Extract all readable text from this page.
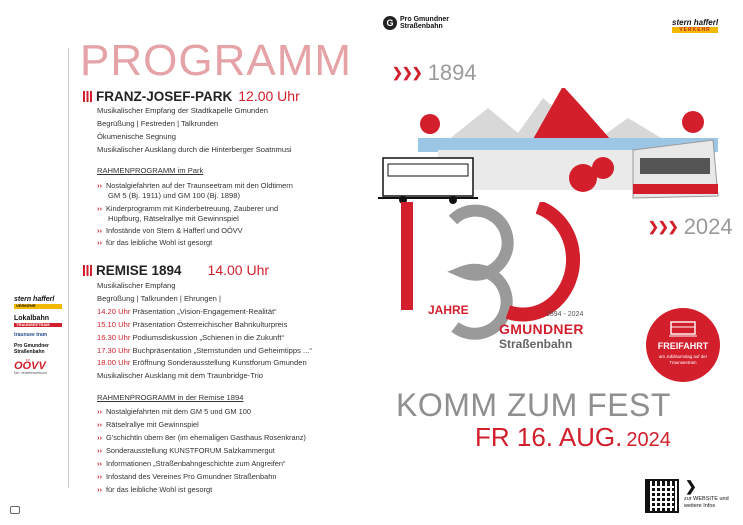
PROGRAMM
FRANZ-JOSEF-PARK 12.00 Uhr
Musikalischer Empfang der Stadtkapelle Gmunden
Begrüßung | Festreden | Talkrunden
Ökumenische Segnung
Musikalischer Ausklang durch die Hinterberger Soatnmusi
RAHMENPROGRAMM im Park
›› Nostalgiefahrten auf der Traunseetram mit den Oldtimern
GM 5 (Bj. 1911) und GM 100 (Bj. 1898)
›› Kinderprogramm mit Kinderbetreuung, Zauberer und
Hüpfburg, Rätselrallye mit Gewinnspiel
›› Infostände von Stern & Hafferl und OÖVV
›› für das leibliche Wohl ist gesorgt
REMISE 1894 14.00 Uhr
Musikalischer Empfang
Begrüßung | Talkrunden | Ehrungen |
14.20 Uhr Präsentation „Vision-Engagement-Realität“
15.10 Uhr Präsentation Österreichischer Bahnkulturpreis
16.30 Uhr Podiumsdiskussion „Schienen in die Zukunft“
17.30 Uhr Buchpräsentation „Sternstunden und Geheimtipps ...“
18.00 Uhr Eröffnung Sonderausstellung Kunstforum Gmunden
Musikalischer Ausklang mit dem Traunbridge-Trio
RAHMENPROGRAMM in der Remise 1894
›› Nostalgiefahrten mit dem GM 5 und GM 100
›› Rätselrallye mit Gewinnspiel
›› G’schichtln übern 8er (im ehemaligen Gasthaus Rosenkranz)
›› Sonderausstellung KUNSTFORUM Salzkammergut
›› Informationen „Straßenbahngeschichte zum Angreifen“
›› Infostand des Vereines Pro Gmundner Straßenbahn
›› für das leibliche Wohl ist gesorgt
stern hafferl
VERKEHR
Lokalbahn
TRAUNSEETRAM
traunsee tram
Pro Gmundner Straßenbahn
OÖVV
Der Verkehrsverbund
G Pro Gmundner
Straßenbahn	stern hafferl
VERKEHR
❯❯❯ 1894
❯❯❯ 2024
JAHRE	1894 - 2024
GMUNDNER
Straßenbahn	FREIFAHRT
am Jubiläumstag auf der Traunseetram
KOMM ZUM FEST
FR 16. AUG. 2024
❯
zur WEBSITE und weitere Infos
